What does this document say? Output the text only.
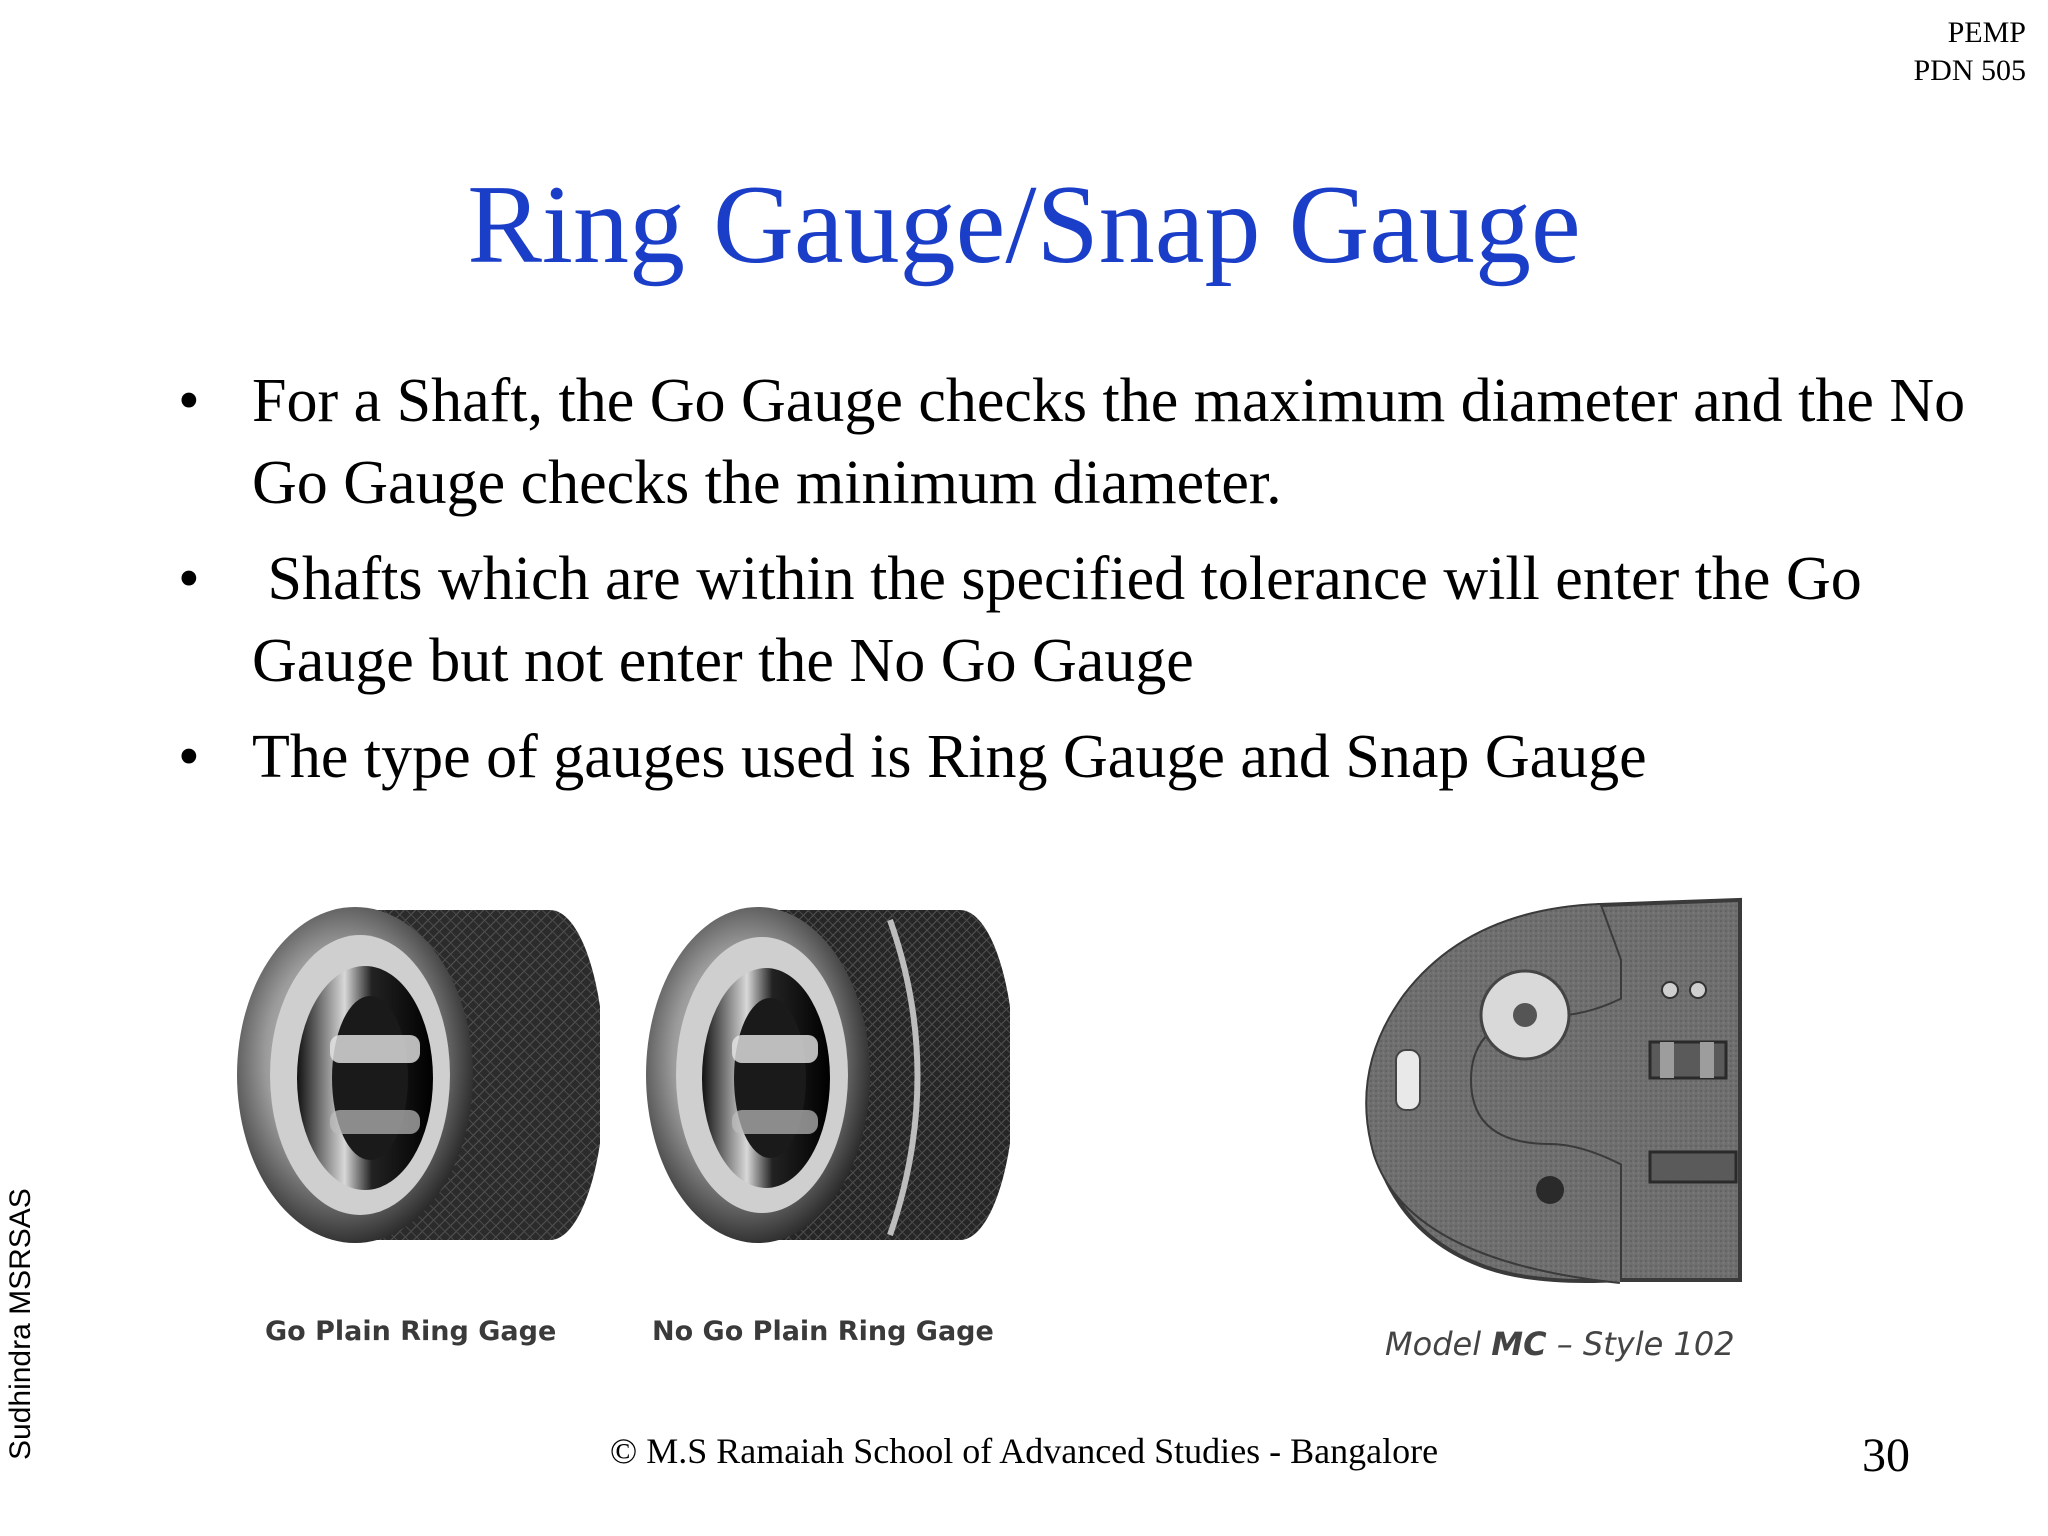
PEMP
PDN 505
Ring Gauge/Snap Gauge
• For a Shaft, the Go Gauge checks the maximum diameter and the No Go Gauge checks the minimum diameter.
• Shafts which are within the specified tolerance will enter the Go Gauge but not enter the No Go Gauge
• The type of gauges used is Ring Gauge and Snap Gauge
Go Plain Ring Gage	No Go Plain Ring Gage	Model MC – Style 102
Sudhindra MSRSAS	© M.S Ramaiah School of Advanced Studies - Bangalore	30
